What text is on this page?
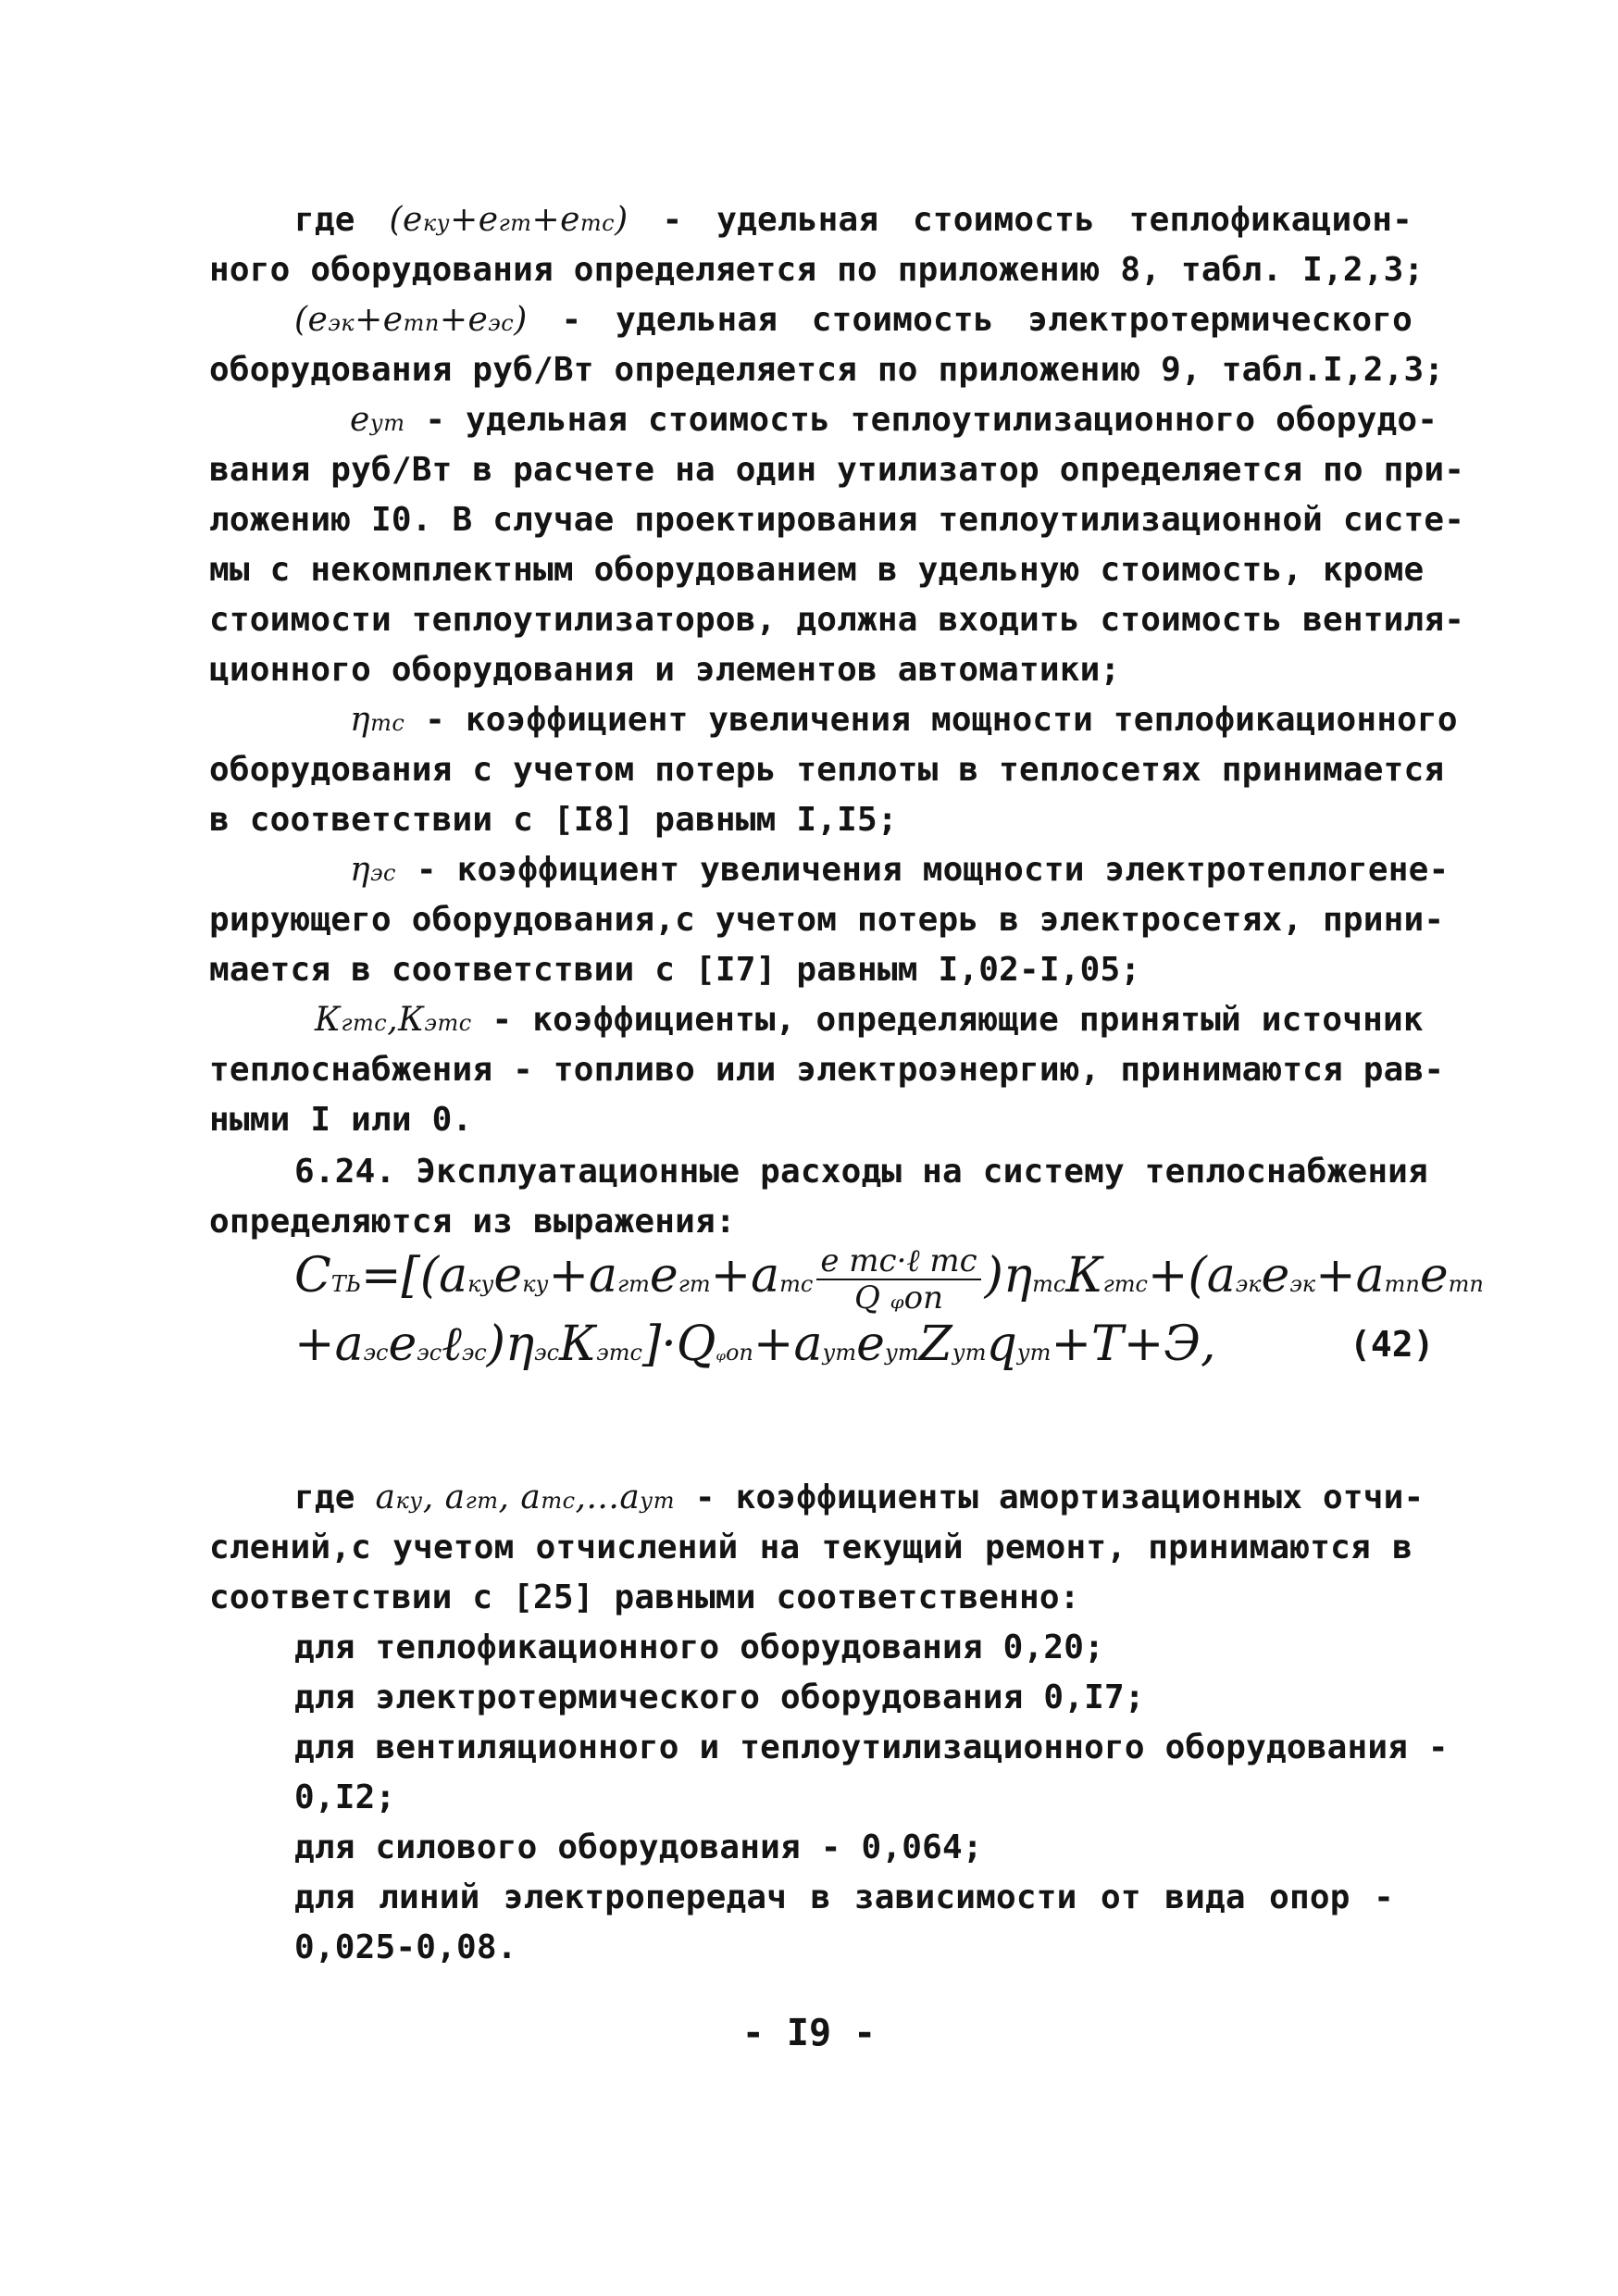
где (eку+eгт+eтс) - удельная стоимость теплофикацион-
ного оборудования определяется по приложению 8, табл. I,2,3;
(eэк+eтп+eэс) - удельная стоимость электротермического
оборудования руб/Вт определяется по приложению 9, табл.I,2,3;
eут - удельная стоимость теплоутилизационного оборудо-
вания руб/Вт в расчете на один утилизатор определяется по при-
ложению I0. В случае проектирования теплоутилизационной систе-
мы с некомплектным оборудованием в удельную стоимость, кроме
стоимости теплоутилизаторов, должна входить стоимость вентиля-
ционного оборудования и элементов автоматики;
ηтс - коэффициент увеличения мощности теплофикационного
оборудования с учетом потерь теплоты в теплосетях принимается
в соответствии с [I8] равным I,I5;
ηэс - коэффициент увеличения мощности электротеплогене-
рирующего оборудования,с учетом потерь в электросетях, прини-
мается в соответствии с [I7] равным I,02-I,05;
Кгтс,Кэтс - коэффициенты, определяющие принятый источник
теплоснабжения - топливо или электроэнергию, принимаются рав-
ными I или 0.
6.24. Эксплуатационные расходы на систему теплоснабжения
определяются из выражения:
CТЬ=[(aкуeку+aгтeгт+aтс $\frac{\text{e тс·ℓ тс}}{\text{Q ᵩоп}}$ )ηтсКгтс+(aэкeэк+aтпeтп
+aэсeэсℓэс)ηэсКэтс]·Qᵩоп+aутeутZутqут+Т+Э,	(42)
где aку, aгт, aтс,...aут - коэффициенты амортизационных отчи-
слений,с учетом отчислений на текущий ремонт, принимаются в
соответствии с [25] равными соответственно:
для теплофикационного оборудования 0,20;
для электротермического оборудования 0,I7;
для вентиляционного и теплоутилизационного оборудования -
0,I2;
для силового оборудования - 0,064;
для линий электропередач в зависимости от вида опор -
0,025-0,08.
- I9 -
